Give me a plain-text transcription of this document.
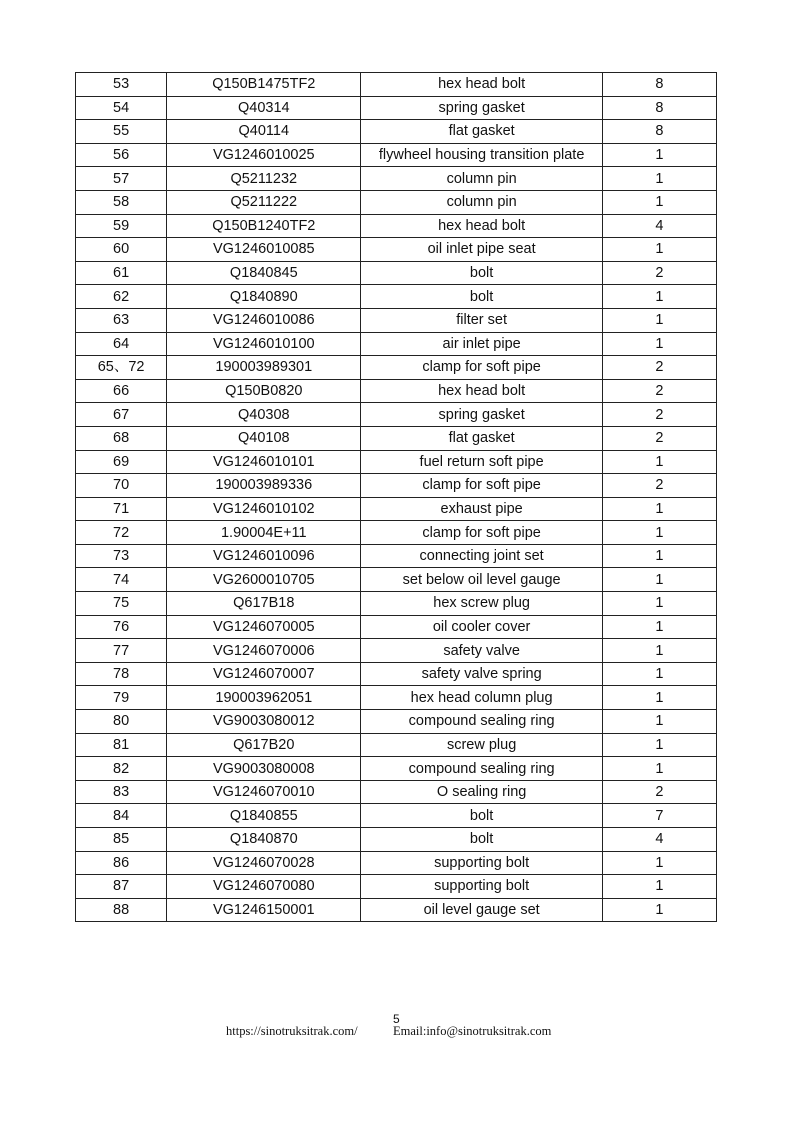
53	Q150B1475TF2	hex head bolt	8
54	Q40314	spring gasket	8
55	Q40114	flat gasket	8
56	VG1246010025	flywheel housing transition plate	1
57	Q5211232	column pin	1
58	Q5211222	column pin	1
59	Q150B1240TF2	hex head bolt	4
60	VG1246010085	oil inlet pipe seat	1
61	Q1840845	bolt	2
62	Q1840890	bolt	1
63	VG1246010086	filter set	1
64	VG1246010100	air inlet pipe	1
65、72	190003989301	clamp for soft pipe	2
66	Q150B0820	hex head bolt	2
67	Q40308	spring gasket	2
68	Q40108	flat gasket	2
69	VG1246010101	fuel return soft pipe	1
70	190003989336	clamp for soft pipe	2
71	VG1246010102	exhaust pipe	1
72	1.90004E+11	clamp for soft pipe	1
73	VG1246010096	connecting joint set	1
74	VG2600010705	set below oil level gauge	1
75	Q617B18	hex screw plug	1
76	VG1246070005	oil cooler cover	1
77	VG1246070006	safety valve	1
78	VG1246070007	safety valve spring	1
79	190003962051	hex head column plug	1
80	VG9003080012	compound sealing ring	1
81	Q617B20	screw plug	1
82	VG9003080008	compound sealing ring	1
83	VG1246070010	O sealing ring	2
84	Q1840855	bolt	7
85	Q1840870	bolt	4
86	VG1246070028	supporting bolt	1
87	VG1246070080	supporting bolt	1
88	VG1246150001	oil level gauge set	1
5
https://sinotruksitrak.com/	Email:info@sinotruksitrak.com
